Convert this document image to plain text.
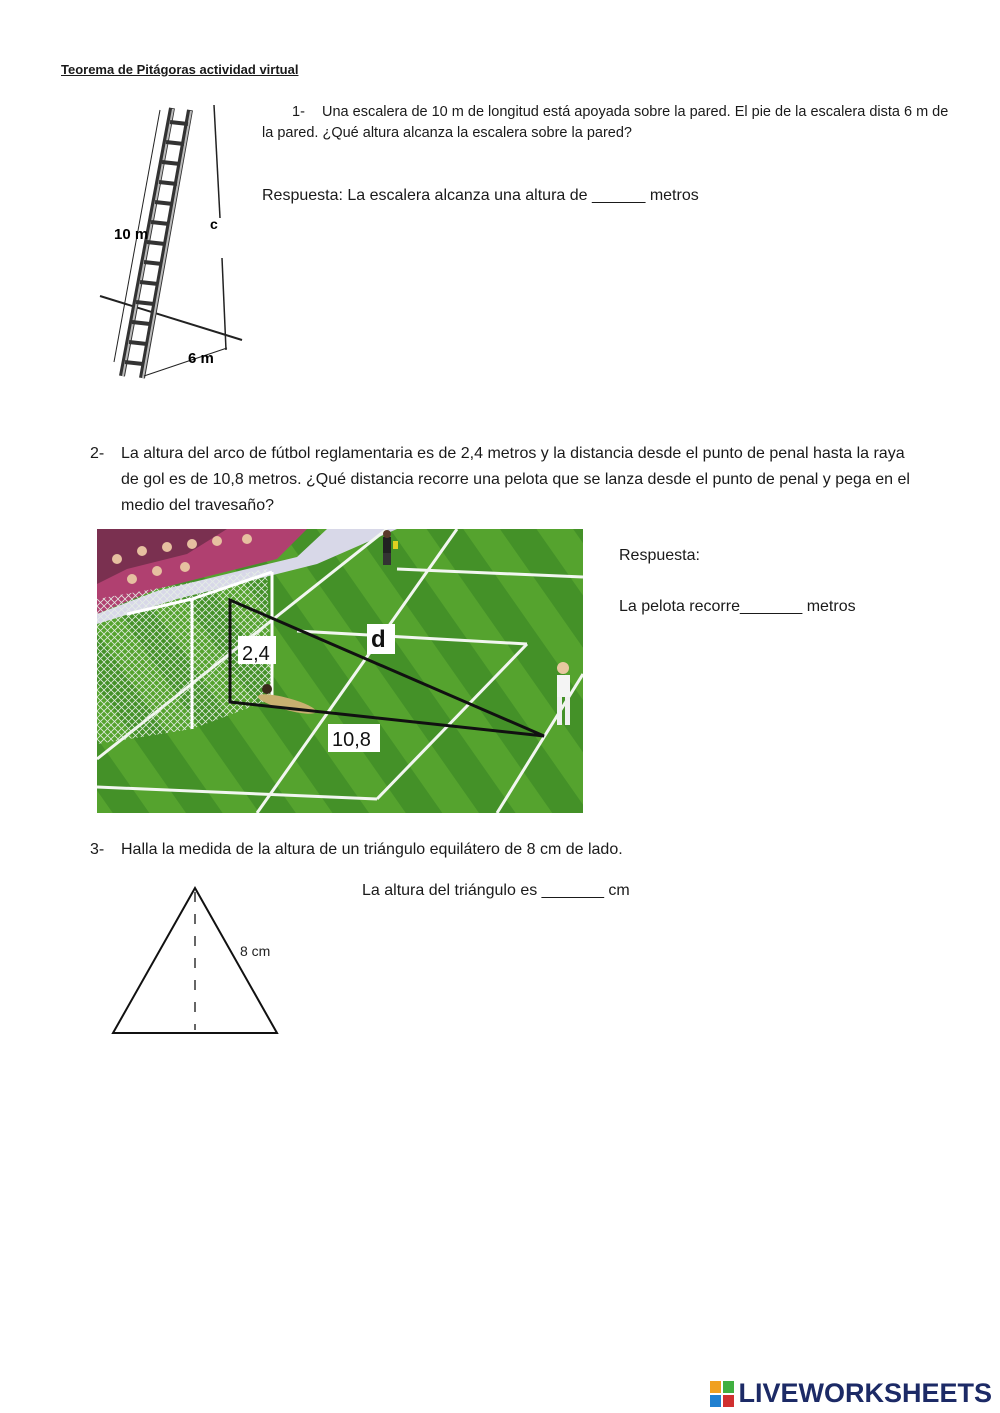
Teorema de Pitágoras actividad virtual
10 m
c
6 m
1- Una escalera de 10 m de longitud está apoyada sobre la pared. El pie de la escalera dista 6 m de la pared. ¿Qué altura alcanza la escalera sobre la pared?
Respuesta: La escalera alcanza una altura de ______ metros
2- La altura del arco de fútbol reglamentaria es de 2,4 metros y la distancia desde el punto de penal hasta la raya de gol es de 10,8 metros. ¿Qué distancia recorre una pelota que se lanza desde el punto de penal y pega en el medio del travesaño?
2,4
d
10,8
Respuesta:
La pelota recorre_______ metros
3- Halla la medida de la altura de un triángulo equilátero de 8 cm de lado.
8 cm
La altura del triángulo es _______ cm
LIVEWORKSHEETS
